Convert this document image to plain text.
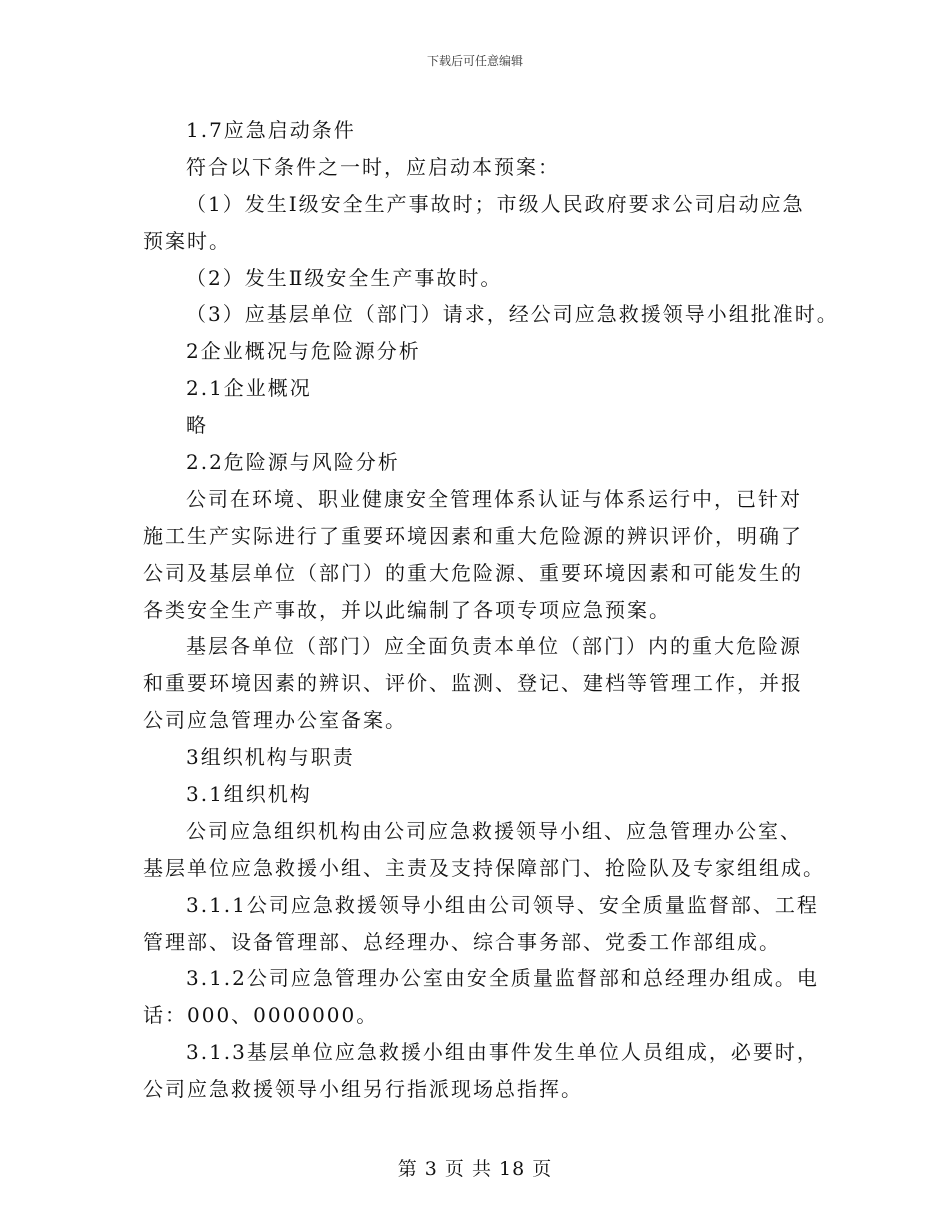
下载后可任意编辑
1.7应急启动条件
符合以下条件之一时，应启动本预案：
（1）发生Ⅰ级安全生产事故时；市级人民政府要求公司启动应急
预案时。
（2）发生Ⅱ级安全生产事故时。
（3）应基层单位（部门）请求，经公司应急救援领导小组批准时。
2企业概况与危险源分析
2.1企业概况
略
2.2危险源与风险分析
公司在环境、职业健康安全管理体系认证与体系运行中，已针对
施工生产实际进行了重要环境因素和重大危险源的辨识评价，明确了
公司及基层单位（部门）的重大危险源、重要环境因素和可能发生的
各类安全生产事故，并以此编制了各项专项应急预案。
基层各单位（部门）应全面负责本单位（部门）内的重大危险源
和重要环境因素的辨识、评价、监测、登记、建档等管理工作，并报
公司应急管理办公室备案。
3组织机构与职责
3.1组织机构
公司应急组织机构由公司应急救援领导小组、应急管理办公室、
基层单位应急救援小组、主责及支持保障部门、抢险队及专家组组成。
3.1.1公司应急救援领导小组由公司领导、安全质量监督部、工程
管理部、设备管理部、总经理办、综合事务部、党委工作部组成。
3.1.2公司应急管理办公室由安全质量监督部和总经理办组成。电
话：000、0000000。
3.1.3基层单位应急救援小组由事件发生单位人员组成，必要时，
公司应急救援领导小组另行指派现场总指挥。
第 3 页 共 18 页
